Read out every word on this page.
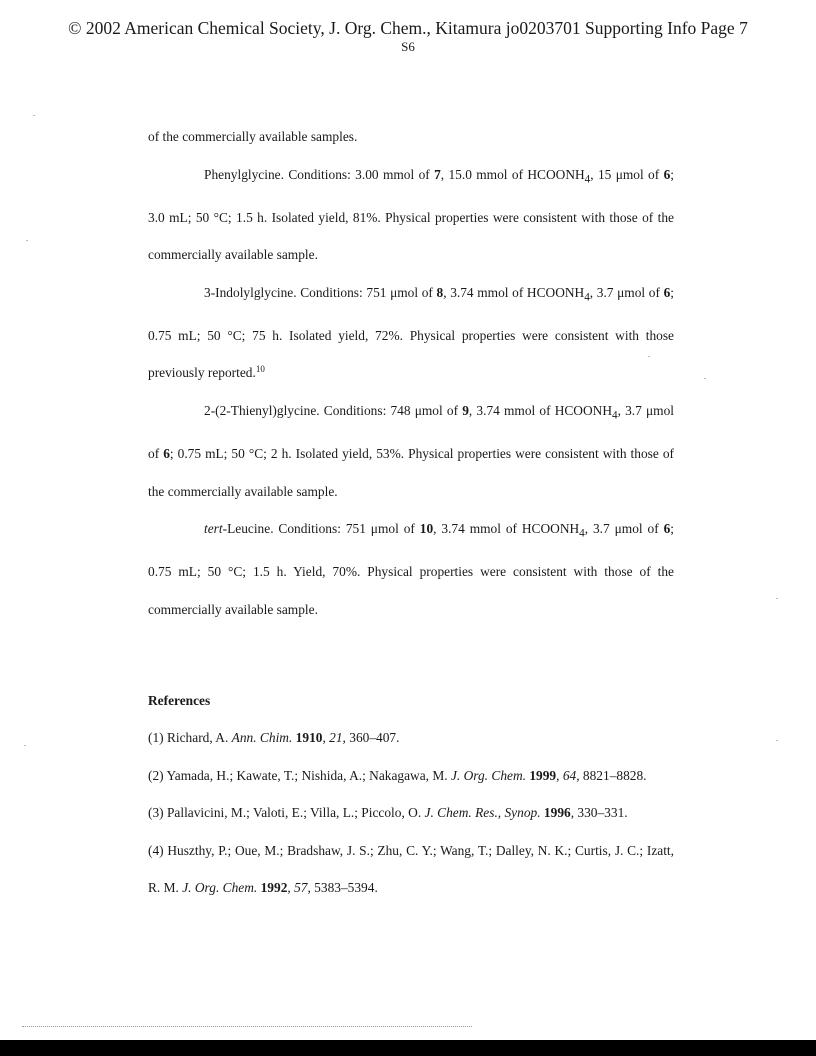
© 2002 American Chemical Society, J. Org. Chem., Kitamura jo0203701 Supporting Info Page 7
S6

of the commercially available samples.

Phenylglycine. Conditions: 3.00 mmol of 7, 15.0 mmol of $HCOONH_4$, 15 μmol of 6; 3.0 mL; 50 °C; 1.5 h. Isolated yield, 81%. Physical properties were consistent with those of the commercially available sample.

3-Indolylglycine. Conditions: 751 μmol of 8, 3.74 mmol of $HCOONH_4$, 3.7 μmol of 6; 0.75 mL; 50 °C; 75 h. Isolated yield, 72%. Physical properties were consistent with those previously reported.$^{10}$

2-(2-Thienyl)glycine. Conditions: 748 μmol of 9, 3.74 mmol of $HCOONH_4$, 3.7 μmol of 6; 0.75 mL; 50 °C; 2 h. Isolated yield, 53%. Physical properties were consistent with those of the commercially available sample.

tert-Leucine. Conditions: 751 μmol of 10, 3.74 mmol of $HCOONH_4$, 3.7 μmol of 6; 0.75 mL; 50 °C; 1.5 h. Yield, 70%. Physical properties were consistent with those of the commercially available sample.

References

(1) Richard, A. Ann. Chim. 1910, 21, 360–407.

(2) Yamada, H.; Kawate, T.; Nishida, A.; Nakagawa, M. J. Org. Chem. 1999, 64, 8821–8828.

(3) Pallavicini, M.; Valoti, E.; Villa, L.; Piccolo, O. J. Chem. Res., Synop. 1996, 330–331.

(4) Huszthy, P.; Oue, M.; Bradshaw, J. S.; Zhu, C. Y.; Wang, T.; Dalley, N. K.; Curtis, J. C.; Izatt, R. M. J. Org. Chem. 1992, 57, 5383–5394.
